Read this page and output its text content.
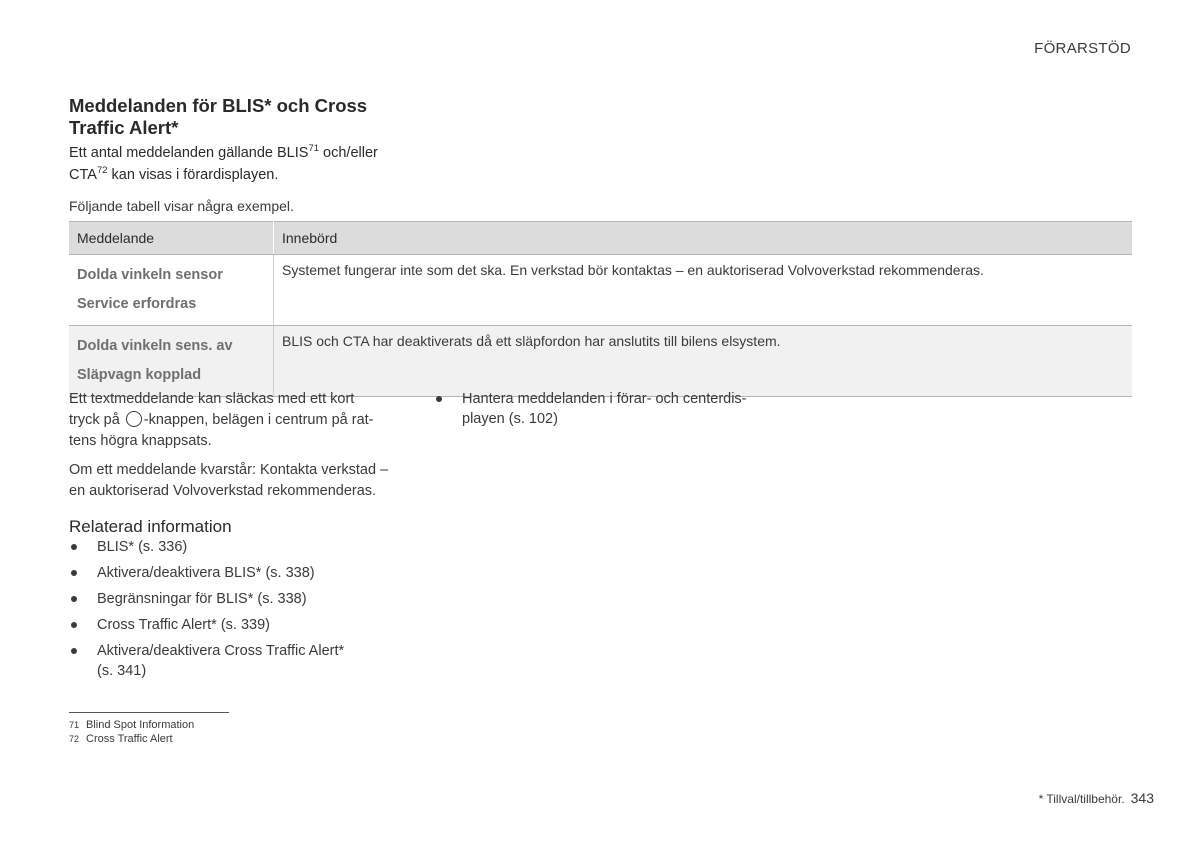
FÖRARSTÖD
Meddelanden för BLIS* och Cross
Traffic Alert*

Ett antal meddelanden gällande BLIS$^{71}$ och/eller
CTA$^{72}$ kan visas i förardisplayen.

Följande tabell visar några exempel.

Meddelande	Innebörd

Dolda vinkeln sensor
Service erfordras	Systemet fungerar inte som det ska. En verkstad bör kontaktas – en auktoriserad Volvoverkstad rekommenderas.

Dolda vinkeln sens. av
Släpvagn kopplad	BLIS och CTA har deaktiverats då ett släpfordon har anslutits till bilens elsystem.

Ett textmeddelande kan släckas med ett kort
tryck på -knappen, belägen i centrum på rat-
tens högra knappsats.

Om ett meddelande kvarstår: Kontakta verkstad –
en auktoriserad Volvoverkstad rekommenderas.

Relaterad information
BLIS* (s. 336)
Aktivera/deaktivera BLIS* (s. 338)
Begränsningar för BLIS* (s. 338)
Cross Traffic Alert* (s. 339)
Aktivera/deaktivera Cross Traffic Alert*
(s. 341)
Hantera meddelanden i förar- och centerdis-
playen (s. 102)
71 Blind Spot Information
72 Cross Traffic Alert
* Tillval/tillbehör. 343
